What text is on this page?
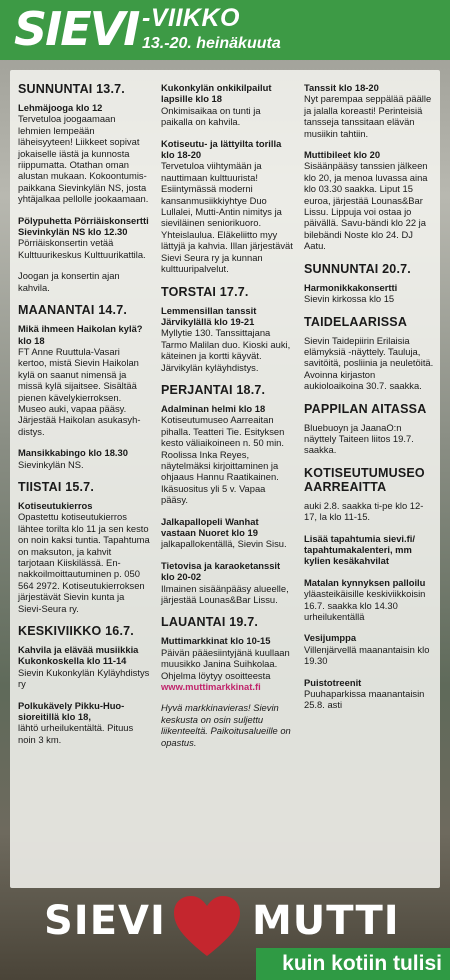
SIEVI -VIIKKO
13.-20. heinäkuuta
SUNNUNTAI 13.7.
Lehmäjooga klo 12
Tervetuloa joogaamaan lehmien lempeään läheisyyteen! Liikkeet sopivat jokaiselle iästä ja kunnosta riippumatta. Otathan oman alustan mukaan. Kokoontumispaikkana Sievinkylän NS, josta yhtäjalkaa pellolle jookaamaan.
Pölypuhetta Pörriäiskonsertti Sievinkylän NS klo 12.30
Pörriäiskonsertin vetää Kulttuurikeskus Kulttuurikattila.
Joogan ja konsertin ajan kahvila.
MAANANTAI 14.7.
Mikä ihmeen Haikolan kylä? klo 18
FT Anne Ruuttula-Vasari kertoo, mistä Sievin Haikolan kylä on saanut nimensä ja missä kylä sijaitsee. Sisältää pienen kävelykierroksen. Museo auki, vapaa pääsy. Järjestää Haikolan asukasyhdistys.
Mansikkabingo klo 18.30
Sievinkylän NS.
TIISTAI 15.7.
Kotiseutukierros
Opastettu kotiseutukierros lähtee torilta klo 11 ja sen kesto on noin kaksi tuntia. Tapahtuma on maksuton, ja kahvit tarjotaan Kiiskilässä. Ennakkoilmoittautuminen p. 050 564 2972. Kotiseutukierroksen järjestävät Sievin kunta ja Sievi-Seura ry.
KESKIVIIKKO 16.7.
Kahvila ja elävää musiikkia Kukonkoskella klo 11-14
Sievin Kukonkylän Kyläyhdistys ry
Polkukävely Pikku-Huosioreitillä klo 18,
lähtö urheilukentältä. Pituus noin 3 km.
Kukonkylän onkikilpailut lapsille klo 18
Onkimisaikaa on tunti ja paikalla on kahvila.
Kotiseutu- ja lättyilta torilla klo 18-20
Tervetuloa viihtymään ja nauttimaan kulttuurista! Esiintymässä moderni kansanmusiikkiyhtye Duo Lullalei, Mutti-Antin nimitys ja sieviläinen seniorikuoro. Yhteislaulua. Eläkeliitto myy lättyjä ja kahvia. Illan järjestävät Sievi Seura ry ja kunnan kulttuuripalvelut.
TORSTAI 17.7.
Lemmensillan tanssit Järvikylällä klo 19-21
Myllytie 130. Tanssittajana Tarmo Malilan duo. Kioski auki, käteinen ja kortti käyvät. Järvikylän kyläyhdistys.
PERJANTAI 18.7.
Adalminan helmi klo 18
Kotiseutumuseo Aarreaitan pihalla. Teatteri Tie. Esityksen kesto väliaikoineen n. 50 min. Roolissa Inka Reyes, näytelmäksi kirjoittaminen ja ohjaaus Hannu Raatikainen. Ikäsuositus yli 5 v. Vapaa pääsy.
Jalkapallopeli Wanhat vastaan Nuoret klo 19
jalkapallokentällä, Sievin Sisu.
Tietovisa ja karaoketanssit klo 20-02
Ilmainen sisäänpääsy alueelle, järjestää Lounas&Bar Lissu.
LAUANTAI 19.7.
Muttimarkkinat klo 10-15
Päivän pääesiintyjänä kuullaan muusikko Janina Suihkolaa. Ohjelma löytyy osoitteesta
www.muttimarkkinat.fi
Hyvä markkinavieras! Sievin keskusta on osin suljettu liikenteeltä. Paikoitusalueille on opastus.
Tanssit klo 18-20
Nyt parempaa seppälää päälle ja jalalla koreasti! Perinteisiä tansseja tanssitaan elävän musiikin tahtiin.
Muttibileet klo 20
Sisäänpääsy tanssien jälkeen klo 20, ja menoa luvassa aina klo 03.30 saakka. Liput 15 euroa, järjestää Lounas&Bar Lissu. Lippuja voi ostaa jo päivällä. Savu-bändi klo 22 ja bilebändi Noste klo 24. DJ Aatu.
SUNNUNTAI 20.7.
Harmonikkakonsertti
Sievin kirkossa klo 15
TAIDELAARISSA
Sievin Taidepiirin Erilaisia elämyksiä -näyttely. Tauluja, savitöitä, posliinia ja neuletöitä. Avoinna kirjaston aukioloaikoina 30.7. saakka.
PAPPILAN AITASSA
Bluebuoyn ja JaanaO:n näyttely Taiteen liitos 19.7. saakka.
KOTISEUTUMUSEO AARREAITTA
auki 2.8. saakka ti-pe klo 12-17, la klo 11-15.
Lisää tapahtumia sievi.fi/ tapahtumakalenteri, mm kylien kesäkahvilat
Matalan kynnyksen palloilu
yläasteikäisille keskiviikkoisin 16.7. saakka klo 14.30 urheilukentällä
Vesijumppa
Villenjärvellä maanantaisin klo 19.30
Puistotreenit
Puuhaparkissa maanantaisin 25.8. asti
SIEVI MUTTI
kuin kotiin tulisi
